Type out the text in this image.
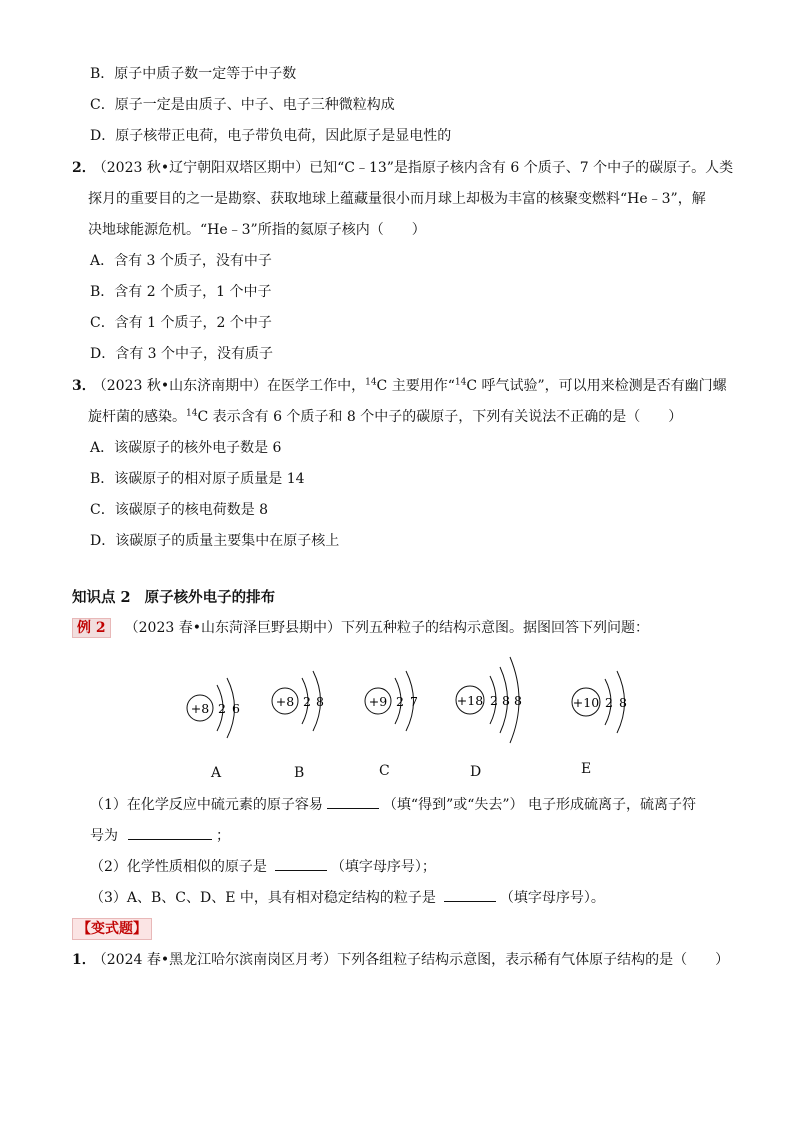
B．原子中质子数一定等于中子数
C．原子一定是由质子、中子、电子三种微粒构成
D．原子核带正电荷，电子带负电荷，因此原子是显电性的
2． （2023 秋•辽宁朝阳双塔区期中）已知“C﹣13”是指原子核内含有 6 个质子、7 个中子的碳原子。人类
探月的重要目的之一是勘察、获取地球上蕴藏量很小而月球上却极为丰富的核聚变燃料“He﹣3”，解
决地球能源危机。“He﹣3”所指的氦原子核内（　　）
A．含有 3 个质子，没有中子
B．含有 2 个质子，1 个中子
C．含有 1 个质子，2 个中子
D．含有 3 个中子，没有质子
3． （2023 秋•山东济南期中）在医学工作中，$^{14}$C 主要用作“$^{14}$C 呼气试验”，可以用来检测是否有幽门螺
旋杆菌的感染。$^{14}$C 表示含有 6 个质子和 8 个中子的碳原子，下列有关说法不正确的是（　　）
A．该碳原子的核外电子数是 6
B．该碳原子的相对原子质量是 14
C．该碳原子的核电荷数是 8
D．该碳原子的质量主要集中在原子核上
知识点 2 原子核外电子的排布
例 2 （2023 春•山东菏泽巨野县期中）下列五种粒子的结构示意图。据图回答下列问题：
+8 2 6	+8 2 8	+9 2 7	+18 2 8 8	+10 2 8
A	B	C	D	E
（1）在化学反应中硫元素的原子容易	（填“得到”或“失去”） 电子形成硫离子，硫离子符
号为	；
（2）化学性质相似的原子是	（填字母序号）；
（3）A、B、C、D、E 中，具有相对稳定结构的粒子是	（填字母序号）。
【变式题】
1． （2024 春•黑龙江哈尔滨南岗区月考）下列各组粒子结构示意图，表示稀有气体原子结构的是（　　）
